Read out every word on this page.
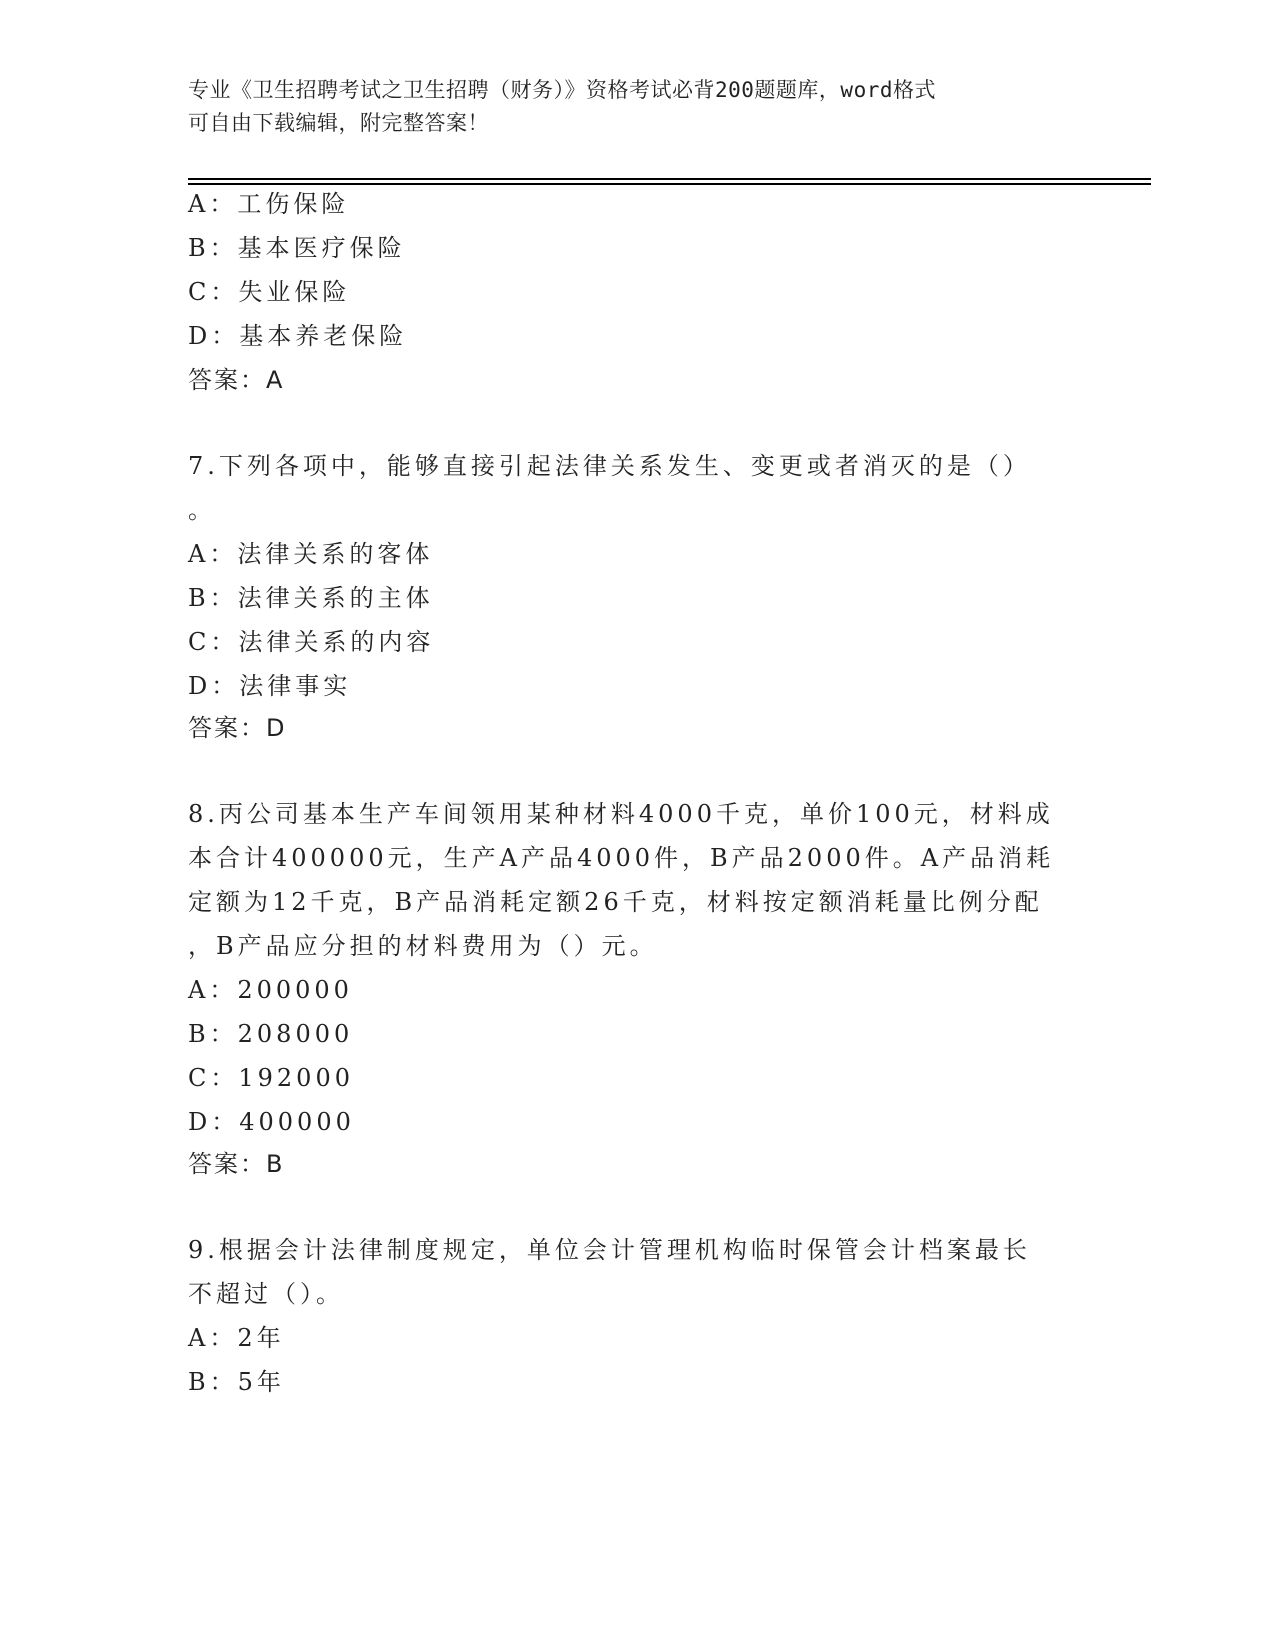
专业《卫生招聘考试之卫生招聘（财务）》资格考试必背200题题库，word格式
可自由下载编辑，附完整答案！
A：工伤保险
B：基本医疗保险
C：失业保险
D：基本养老保险
答案：A
7.下列各项中，能够直接引起法律关系发生、变更或者消灭的是（）
。
A：法律关系的客体
B：法律关系的主体
C：法律关系的内容
D：法律事实
答案：D
8.丙公司基本生产车间领用某种材料4000千克，单价100元，材料成
本合计400000元，生产A产品4000件，B产品2000件。A产品消耗
定额为12千克，B产品消耗定额26千克，材料按定额消耗量比例分配
，B产品应分担的材料费用为（）元。
A：200000
B：208000
C：192000
D：400000
答案：B
9.根据会计法律制度规定，单位会计管理机构临时保管会计档案最长
不超过（）。
A：2年
B：5年
